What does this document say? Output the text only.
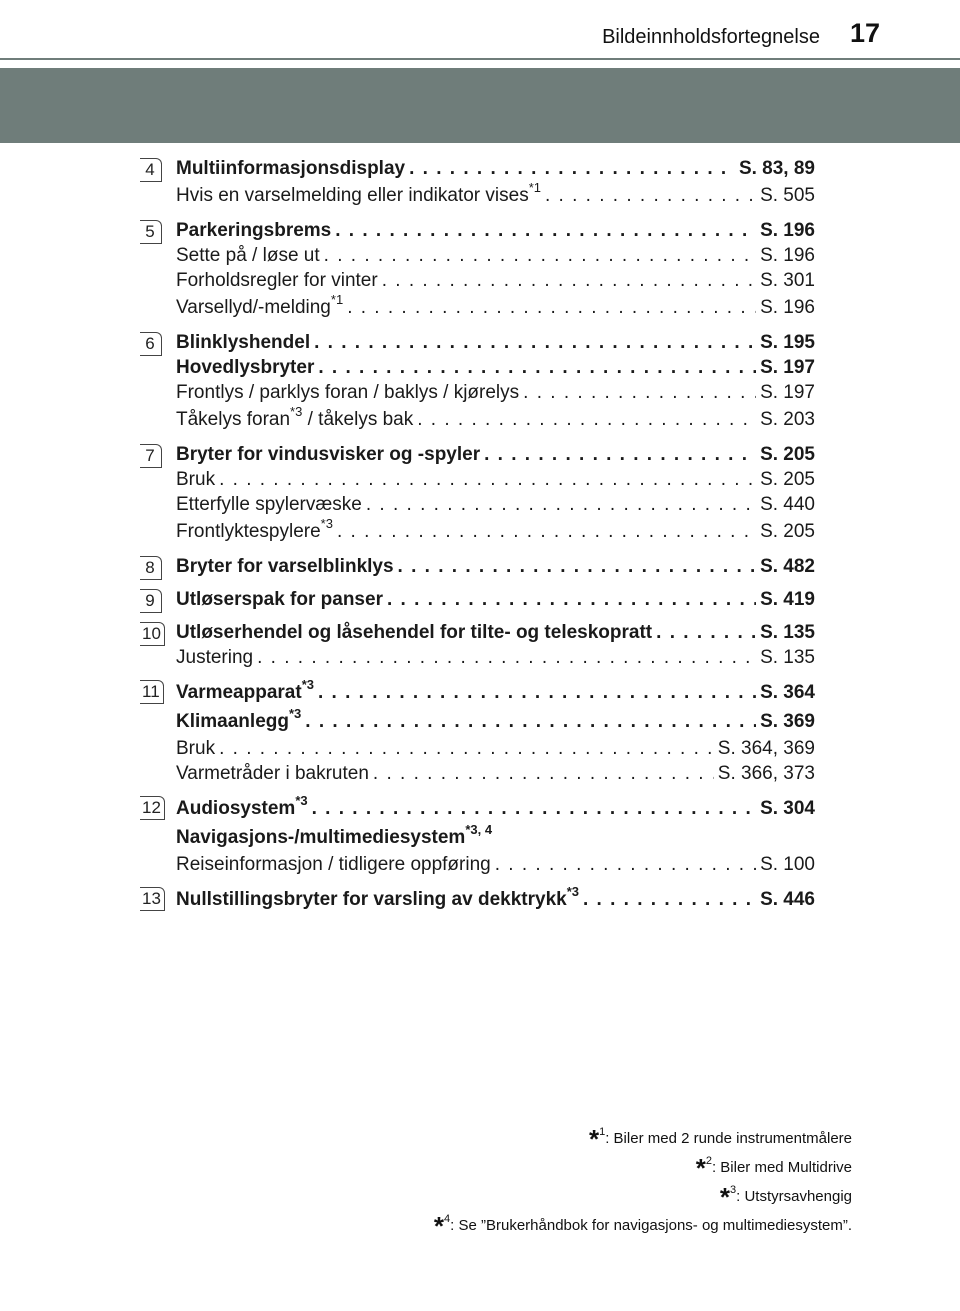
Bildeinnholdsfortegnelse	17
4	Multiinformasjonsdisplay . . .	S. 83, 89
Hvis en varselmelding eller indikator vises$^{*1}$ . . .	S. 505
5	Parkeringsbrems . . .	S. 196
Sette på / løse ut . . .	S. 196
Forholdsregler for vinter . . .	S. 301
Varsellyd/-melding$^{*1}$ . . .	S. 196
6	Blinklyshendel . . .	S. 195
Hovedlysbryter . . .	S. 197
Frontlys / parklys foran / baklys / kjørelys . . .	S. 197
Tåkelys foran$^{*3}$ / tåkelys bak . . .	S. 203
7	Bryter for vindusvisker og -spyler . . .	S. 205
Bruk . . .	S. 205
Etterfylle spylervæske . . .	S. 440
Frontlyktespylere$^{*3}$ . . .	S. 205
8	Bryter for varselblinklys . . .	S. 482
9	Utløserspak for panser . . .	S. 419
10 Utløserhendel og låsehendel for tilte- og teleskopratt . . .	S. 135
Justering . . .	S. 135
11 Varmeapparat$^{*3}$ . . .	S. 364
Klimaanlegg$^{*3}$ . . .	S. 369
Bruk . . .	S. 364, 369
Varmetråder i bakruten . . .	S. 366, 373
12 Audiosystem$^{*3}$ . . .	S. 304
Navigasjons-/multimediesystem$^{*3, 4}$
Reiseinformasjon / tidligere oppføring . . .	S. 100
13 Nullstillingsbryter for varsling av dekktrykk$^{*3}$ . . .	S. 446
*$^1$: Biler med 2 runde instrumentmålere
*$^2$: Biler med Multidrive
*$^3$: Utstyrsavhengig
*$^4$: Se ”Brukerhåndbok for navigasjons- og multimediesystem”.
